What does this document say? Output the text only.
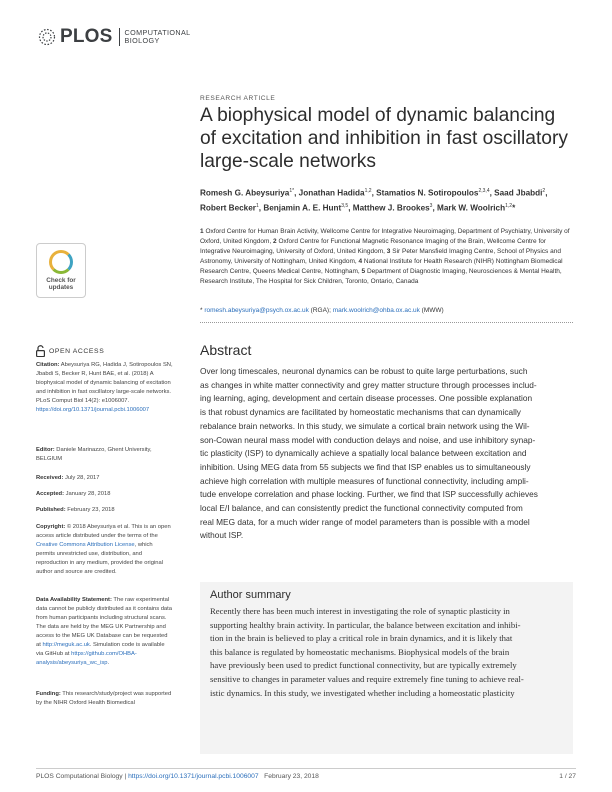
PLOS COMPUTATIONAL
BIOLOGY
RESEARCH ARTICLE
A biophysical model of dynamic balancing of excitation and inhibition in fast oscillatory large-scale networks
Romesh G. Abeysuriya$^{1*}$, Jonathan Hadida$^{1,2}$, Stamatios N. Sotiropoulos$^{2,3,4}$, Saad Jbabdi$^2$, Robert Becker$^1$, Benjamin A. E. Hunt$^{3,5}$, Matthew J. Brookes$^3$, Mark W. Woolrich$^{1,2}$*
1 Oxford Centre for Human Brain Activity, Wellcome Centre for Integrative Neuroimaging, Department of Psychiatry, University of Oxford, United Kingdom, 2 Oxford Centre for Functional Magnetic Resonance Imaging of the Brain, Wellcome Centre for Integrative Neuroimaging, University of Oxford, United Kingdom, 3 Sir Peter Mansfield Imaging Centre, School of Physics and Astronomy, University of Nottingham, United Kingdom, 4 National Institute for Health Research (NIHR) Nottingham Biomedical Research Centre, Queens Medical Centre, Nottingham, 5 Department of Diagnostic Imaging, Neurosciences & Mental Health, Research Institute, The Hospital for Sick Children, Toronto, Ontario, Canada
* romesh.abeysuriya@psych.ox.ac.uk (RGA); mark.woolrich@ohba.ox.ac.uk (MWW)
Abstract
Over long timescales, neuronal dynamics can be robust to quite large perturbations, such
as changes in white matter connectivity and grey matter structure through processes includ-
ing learning, aging, development and certain disease processes. One possible explanation
is that robust dynamics are facilitated by homeostatic mechanisms that can dynamically
rebalance brain networks. In this study, we simulate a cortical brain network using the Wil-
son-Cowan neural mass model with conduction delays and noise, and use inhibitory synap-
tic plasticity (ISP) to dynamically achieve a spatially local balance between excitation and
inhibition. Using MEG data from 55 subjects we find that ISP enables us to simultaneously
achieve high correlation with multiple measures of functional connectivity, including ampli-
tude envelope correlation and phase locking. Further, we find that ISP successfully achieves
local E/I balance, and can consistently predict the functional connectivity computed from
real MEG data, for a much wider range of model parameters than is possible with a model
without ISP.
Author summary
Recently there has been much interest in investigating the role of synaptic plasticity in
supporting healthy brain activity. In particular, the balance between excitation and inhibi-
tion in the brain is believed to play a critical role in brain dynamics, and it is likely that
this balance is regulated by homeostatic mechanisms. Biophysical models of the brain
have previously been used to predict functional connectivity, but are typically extremely
sensitive to changes in parameter values and require extremely fine tuning to achieve real-
istic dynamics. In this study, we investigated whether including a homeostatic plasticity
Check for
updates
OPEN ACCESS
Citation: Abeysuriya RG, Hadida J, Sotiropoulos SN, Jbabdi S, Becker R, Hunt BAE, et al. (2018) A biophysical model of dynamic balancing of excitation and inhibition in fast oscillatory large-scale networks. PLoS Comput Biol 14(2): e1006007. https://doi.org/10.1371/journal.pcbi.1006007
Editor: Daniele Marinazzo, Ghent University, BELGIUM
Received: July 28, 2017
Accepted: January 28, 2018
Published: February 23, 2018
Copyright: © 2018 Abeysuriya et al. This is an open access article distributed under the terms of the Creative Commons Attribution License, which permits unrestricted use, distribution, and reproduction in any medium, provided the original author and source are credited.
Data Availability Statement: The raw experimental data cannot be publicly distributed as it contains data from human participants including structural scans. The data are held by the MEG UK Partnership and access to the MEG UK Database can be requested at http://meguk.ac.uk. Simulation code is available via GitHub at https://github.com/OHBA-analysis/abeysuriya_wc_isp.
Funding: This research/study/project was supported by the NIHR Oxford Health Biomedical
PLOS Computational Biology | https://doi.org/10.1371/journal.pcbi.1006007   February 23, 2018	1 / 27
